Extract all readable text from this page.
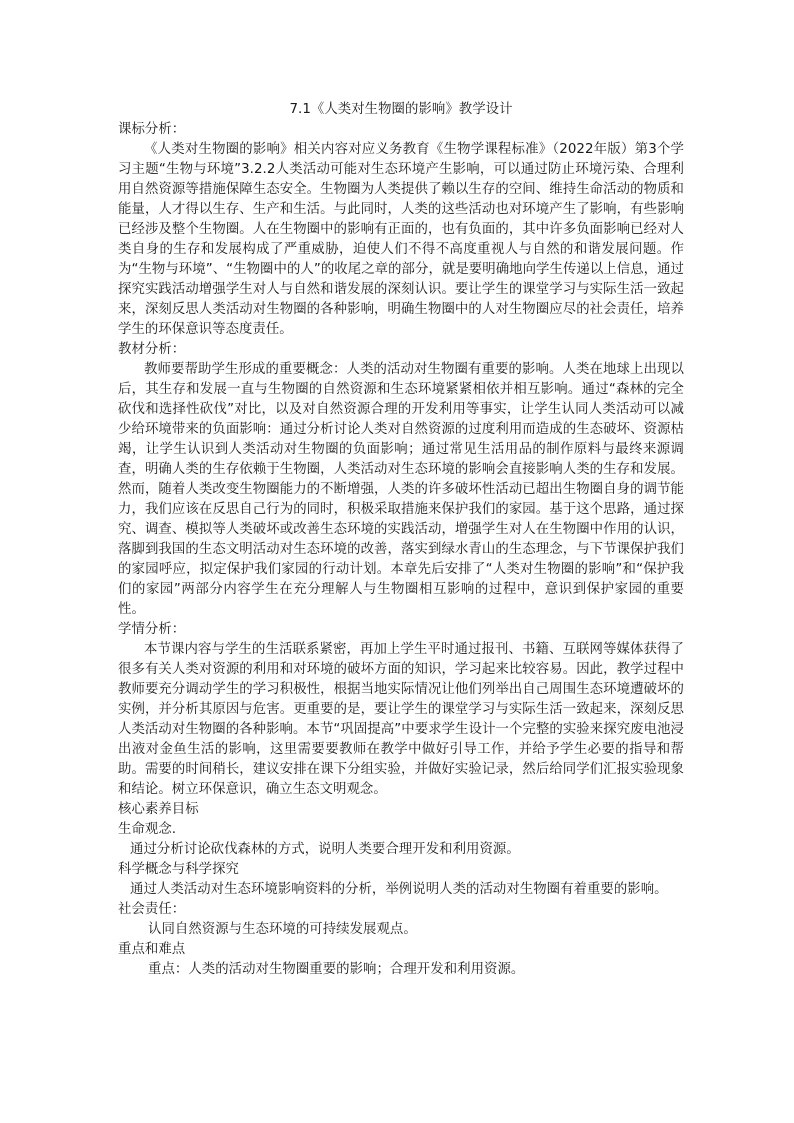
7.1《人类对生物圈的影响》教学设计

课标分析：

《人类对生物圈的影响》相关内容对应义务教育《生物学课程标准》（2022年版）第3个学习主题“生物与环境”3.2.2人类活动可能对生态环境产生影响，可以通过防止环境污染、合理利用自然资源等措施保障生态安全。生物圈为人类提供了赖以生存的空间、维持生命活动的物质和能量，人才得以生存、生产和生活。与此同时，人类的这些活动也对环境产生了影响，有些影响已经涉及整个生物圈。人在生物圈中的影响有正面的，也有负面的，其中许多负面影响已经对人类自身的生存和发展构成了严重威胁，迫使人们不得不高度重视人与自然的和谐发展问题。作为“生物与环境”、“生物圈中的人”的收尾之章的部分，就是要明确地向学生传递以上信息，通过探究实践活动增强学生对人与自然和谐发展的深刻认识。要让学生的课堂学习与实际生活一致起来，深刻反思人类活动对生物圈的各种影响，明确生物圈中的人对生物圈应尽的社会责任，培养学生的环保意识等态度责任。

教材分析：

教师要帮助学生形成的重要概念：人类的活动对生物圈有重要的影响。人类在地球上出现以后，其生存和发展一直与生物圈的自然资源和生态环境紧紧相依并相互影响。通过“森林的完全砍伐和选择性砍伐”对比，以及对自然资源合理的开发利用等事实，让学生认同人类活动可以减少给环境带来的负面影响：通过分析讨论人类对自然资源的过度利用而造成的生态破坏、资源枯竭，让学生认识到人类活动对生物圈的负面影响；通过常见生活用品的制作原料与最终来源调查，明确人类的生存依赖于生物圈，人类活动对生态环境的影响会直接影响人类的生存和发展。然而，随着人类改变生物圈能力的不断增强，人类的许多破坏性活动已超出生物圈自身的调节能力，我们应该在反思自己行为的同时，积极采取措施来保护我们的家园。基于这个思路，通过探究、调查、模拟等人类破坏或改善生态环境的实践活动，增强学生对人在生物圈中作用的认识，落脚到我国的生态文明活动对生态环境的改善，落实到绿水青山的生态理念，与下节课保护我们的家园呼应，拟定保护我们家园的行动计划。本章先后安排了“人类对生物圈的影响”和“保护我们的家园”两部分内容学生在充分理解人与生物圈相互影响的过程中，意识到保护家园的重要性。

学情分析：

本节课内容与学生的生活联系紧密，再加上学生平时通过报刊、书籍、互联网等媒体获得了很多有关人类对资源的利用和对环境的破坏方面的知识，学习起来比较容易。因此，教学过程中教师要充分调动学生的学习积极性，根据当地实际情况让他们列举出自己周围生态环境遭破坏的实例，并分析其原因与危害。更重要的是，要让学生的课堂学习与实际生活一致起来，深刻反思人类活动对生物圈的各种影响。本节“巩固提高”中要求学生设计一个完整的实验来探究废电池浸出液对金鱼生活的影响，这里需要要教师在教学中做好引导工作，并给予学生必要的指导和帮助。需要的时间稍长，建议安排在课下分组实验，并做好实验记录，然后给同学们汇报实验现象和结论。树立环保意识，确立生态文明观念。

核心素养目标

生命观念.

通过分析讨论砍伐森林的方式，说明人类要合理开发和利用资源。

科学概念与科学探究

通过人类活动对生态环境影响资料的分析，举例说明人类的活动对生物圈有着重要的影响。

社会责任：

认同自然资源与生态环境的可持续发展观点。

重点和难点

重点：人类的活动对生物圈重要的影响；合理开发和利用资源。
